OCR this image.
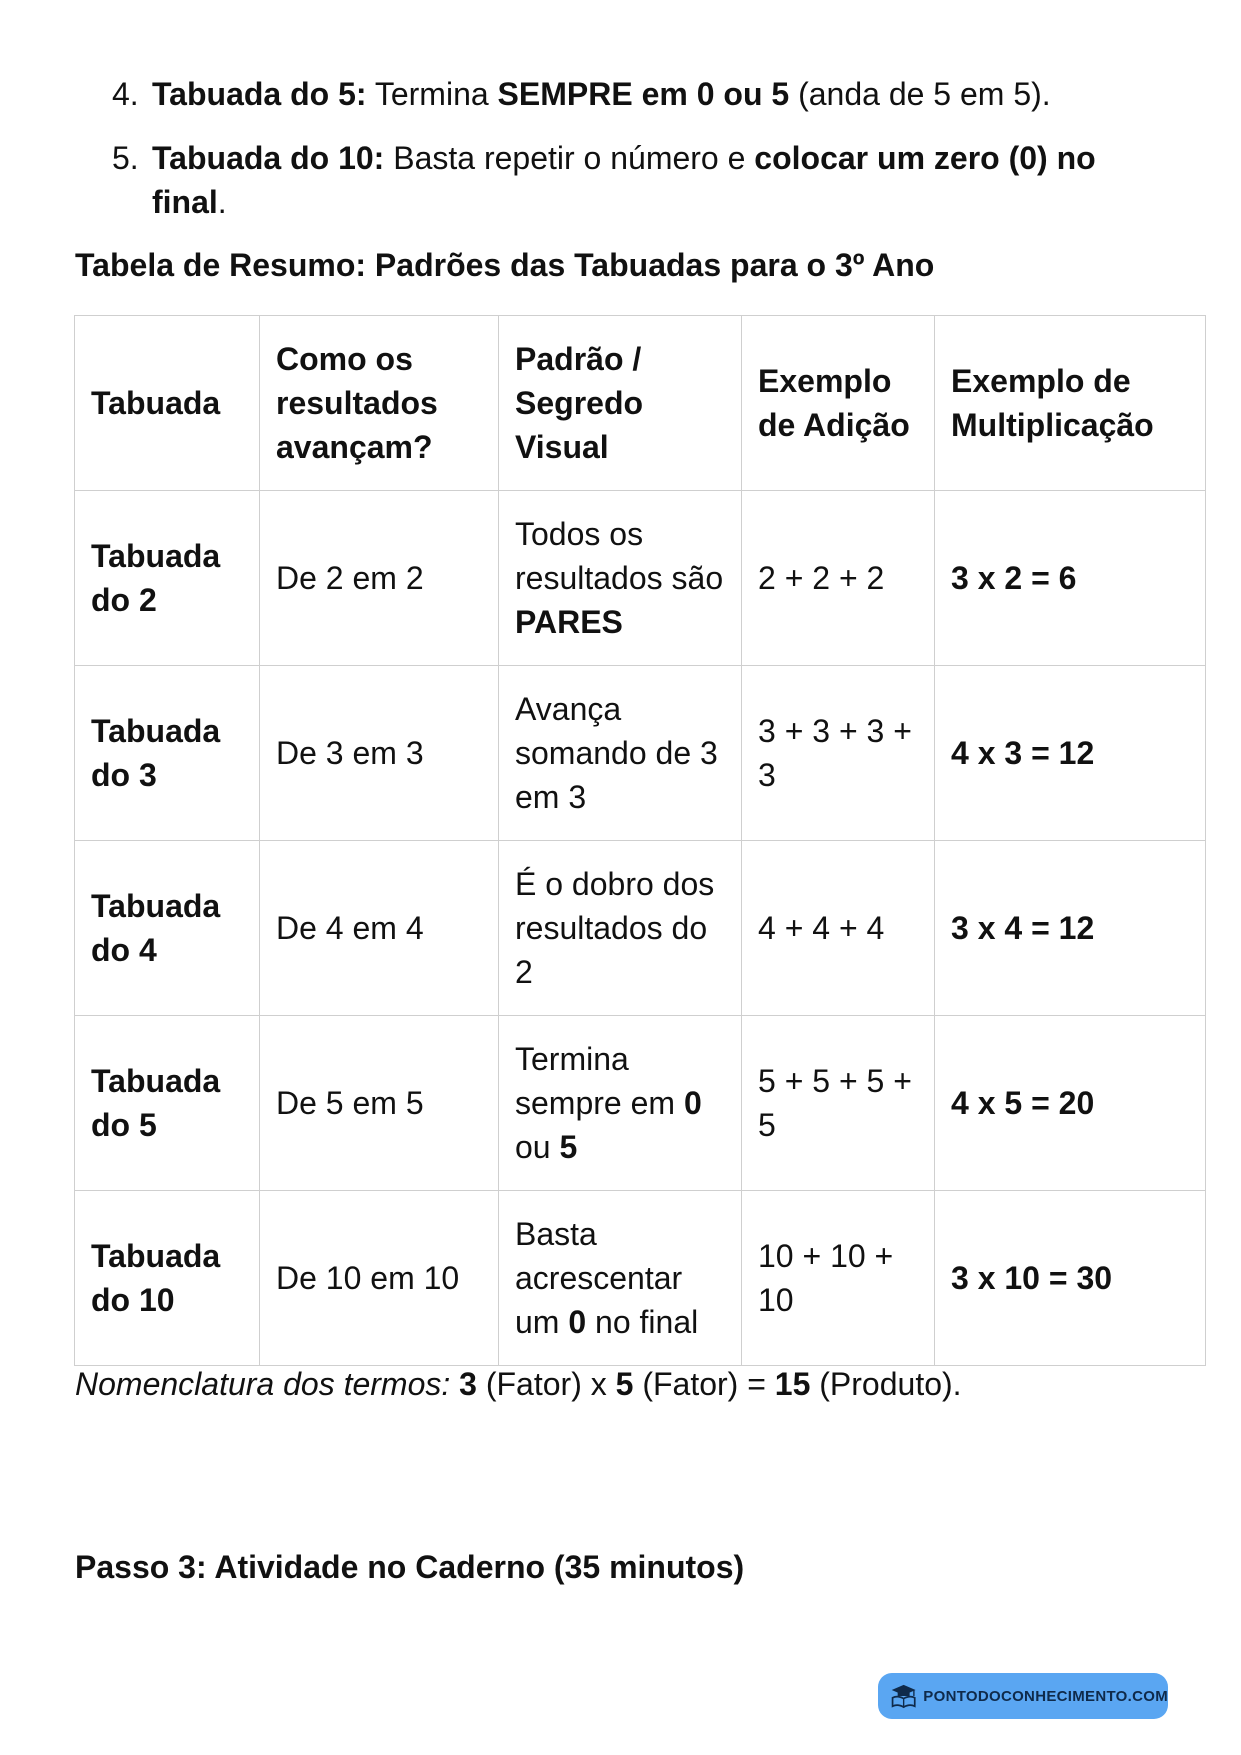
4. Tabuada do 5: Termina SEMPRE em 0 ou 5 (anda de 5 em 5).
5. Tabuada do 10: Basta repetir o número e colocar um zero (0) no final.
Tabela de Resumo: Padrões das Tabuadas para o 3º Ano
Tabuada	Como os resultados avançam?	Padrão / Segredo Visual	Exemplo de Adição	Exemplo de Multiplicação
Tabuada do 2	De 2 em 2	Todos os resultados são PARES	2 + 2 + 2	3 x 2 = 6
Tabuada do 3	De 3 em 3	Avança somando de 3 em 3	3 + 3 + 3 + 3	4 x 3 = 12
Tabuada do 4	De 4 em 4	É o dobro dos resultados do 2	4 + 4 + 4	3 x 4 = 12
Tabuada do 5	De 5 em 5	Termina sempre em 0 ou 5	5 + 5 + 5 + 5	4 x 5 = 20
Tabuada do 10	De 10 em 10	Basta acrescentar um 0 no final	10 + 10 + 10	3 x 10 = 30
Nomenclatura dos termos: 3 (Fator) x 5 (Fator) = 15 (Produto).
Passo 3: Atividade no Caderno (35 minutos)
PONTODOCONHECIMENTO.COM
